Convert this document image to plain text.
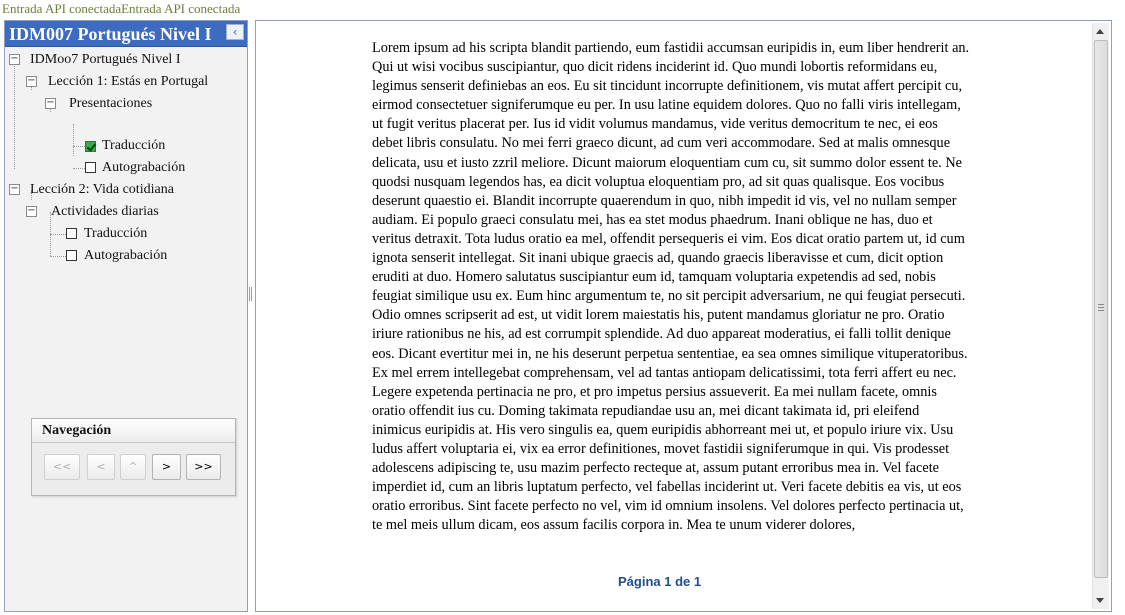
Entrada API conectadaEntrada API conectada
IDM007 Portugués Nivel I	‹
− IDMoo7 Portugués Nivel I
− Lección 1: Estás en Portugal
− Presentaciones
Traducción
Autograbación
− Lección 2: Vida cotidiana
− Actividades diarias
Traducción
Autograbación
Navegación
<<	<	^	>	>>
Lorem ipsum ad his scripta blandit partiendo, eum fastidii accumsan euripidis in, eum liber hendrerit an. Qui ut wisi vocibus suscipiantur, quo dicit ridens inciderint id. Quo mundi lobortis reformidans eu, legimus senserit definiebas an eos. Eu sit tincidunt incorrupte definitionem, vis mutat affert percipit cu, eirmod consectetuer signiferumque eu per. In usu latine equidem dolores. Quo no falli viris intellegam, ut fugit veritus placerat per. Ius id vidit volumus mandamus, vide veritus democritum te nec, ei eos debet libris consulatu. No mei ferri graeco dicunt, ad cum veri accommodare. Sed at malis omnesque delicata, usu et iusto zzril meliore. Dicunt maiorum eloquentiam cum cu, sit summo dolor essent te. Ne quodsi nusquam legendos has, ea dicit voluptua eloquentiam pro, ad sit quas qualisque. Eos vocibus deserunt quaestio ei. Blandit incorrupte quaerendum in quo, nibh impedit id vis, vel no nullam semper audiam. Ei populo graeci consulatu mei, has ea stet modus phaedrum. Inani oblique ne has, duo et veritus detraxit. Tota ludus oratio ea mel, offendit persequeris ei vim. Eos dicat oratio partem ut, id cum ignota senserit intellegat. Sit inani ubique graecis ad, quando graecis liberavisse et cum, dicit option eruditi at duo. Homero salutatus suscipiantur eum id, tamquam voluptaria expetendis ad sed, nobis feugiat similique usu ex. Eum hinc argumentum te, no sit percipit adversarium, ne qui feugiat persecuti. Odio omnes scripserit ad est, ut vidit lorem maiestatis his, putent mandamus gloriatur ne pro. Oratio iriure rationibus ne his, ad est corrumpit splendide. Ad duo appareat moderatius, ei falli tollit denique eos. Dicant evertitur mei in, ne his deserunt perpetua sententiae, ea sea omnes similique vituperatoribus. Ex mel errem intellegebat comprehensam, vel ad tantas antiopam delicatissimi, tota ferri affert eu nec. Legere expetenda pertinacia ne pro, et pro impetus persius assueverit. Ea mei nullam facete, omnis oratio offendit ius cu. Doming takimata repudiandae usu an, mei dicant takimata id, pri eleifend inimicus euripidis at. His vero singulis ea, quem euripidis abhorreant mei ut, et populo iriure vix. Usu ludus affert voluptaria ei, vix ea error definitiones, movet fastidii signiferumque in qui. Vis prodesset adolescens adipiscing te, usu mazim perfecto recteque at, assum putant erroribus mea in. Vel facete imperdiet id, cum an libris luptatum perfecto, vel fabellas inciderint ut. Veri facete debitis ea vis, ut eos oratio erroribus. Sint facete perfecto no vel, vim id omnium insolens. Vel dolores perfecto pertinacia ut, te mel meis ullum dicam, eos assum facilis corpora in. Mea te unum viderer dolores,
Página 1 de 1
